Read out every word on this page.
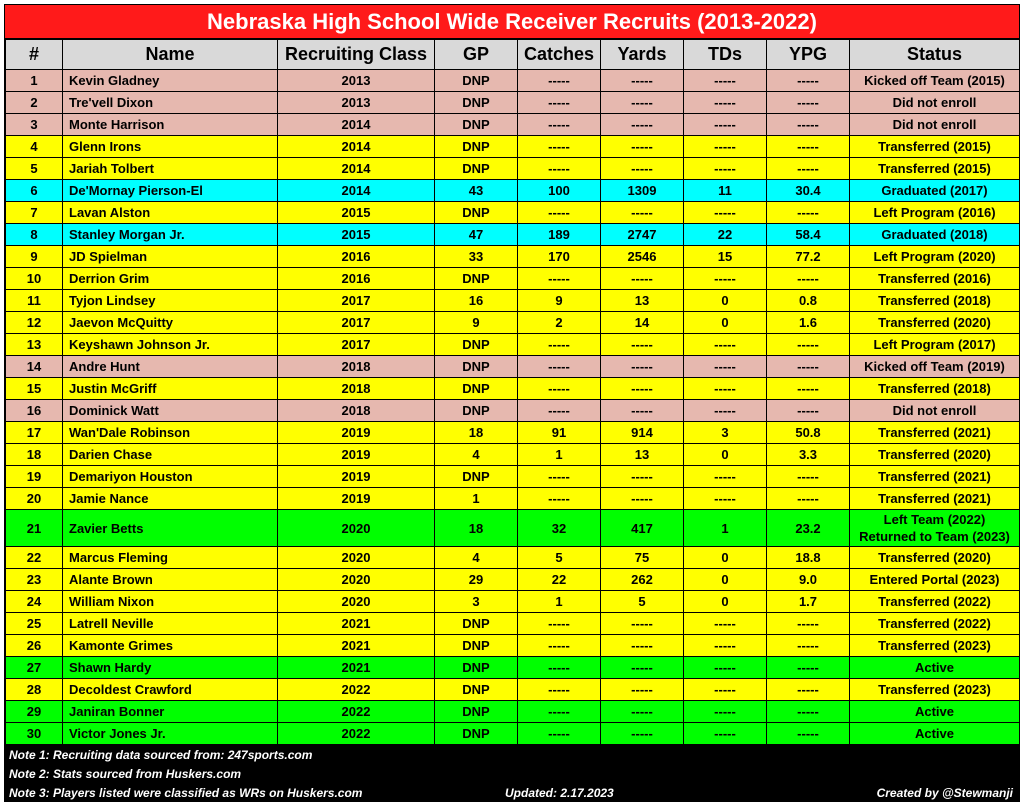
Nebraska High School Wide Receiver Recruits (2013-2022)
#	Name	Recruiting Class	GP	Catches	Yards	TDs	YPG	Status
1	Kevin Gladney	2013	DNP	-----	-----	-----	-----	Kicked off Team (2015)
2	Tre'vell Dixon	2013	DNP	-----	-----	-----	-----	Did not enroll
3	Monte Harrison	2014	DNP	-----	-----	-----	-----	Did not enroll
4	Glenn Irons	2014	DNP	-----	-----	-----	-----	Transferred (2015)
5	Jariah Tolbert	2014	DNP	-----	-----	-----	-----	Transferred (2015)
6	De'Mornay Pierson-El	2014	43	100	1309	11	30.4	Graduated (2017)
7	Lavan Alston	2015	DNP	-----	-----	-----	-----	Left Program (2016)
8	Stanley Morgan Jr.	2015	47	189	2747	22	58.4	Graduated (2018)
9	JD Spielman	2016	33	170	2546	15	77.2	Left Program (2020)
10	Derrion Grim	2016	DNP	-----	-----	-----	-----	Transferred (2016)
11	Tyjon Lindsey	2017	16	9	13	0	0.8	Transferred (2018)
12	Jaevon McQuitty	2017	9	2	14	0	1.6	Transferred (2020)
13	Keyshawn Johnson Jr.	2017	DNP	-----	-----	-----	-----	Left Program (2017)
14	Andre Hunt	2018	DNP	-----	-----	-----	-----	Kicked off Team (2019)
15	Justin McGriff	2018	DNP	-----	-----	-----	-----	Transferred (2018)
16	Dominick Watt	2018	DNP	-----	-----	-----	-----	Did not enroll
17	Wan'Dale Robinson	2019	18	91	914	3	50.8	Transferred (2021)
18	Darien Chase	2019	4	1	13	0	3.3	Transferred (2020)
19	Demariyon Houston	2019	DNP	-----	-----	-----	-----	Transferred (2021)
20	Jamie Nance	2019	1	-----	-----	-----	-----	Transferred (2021)
21	Zavier Betts	2020	18	32	417	1	23.2	Left Team (2022)
Returned to Team (2023)

22	Marcus Fleming	2020	4	5	75	0	18.8	Transferred (2020)
23	Alante Brown	2020	29	22	262	0	9.0	Entered Portal (2023)
24	William Nixon	2020	3	1	5	0	1.7	Transferred (2022)
25	Latrell Neville	2021	DNP	-----	-----	-----	-----	Transferred (2022)
26	Kamonte Grimes	2021	DNP	-----	-----	-----	-----	Transferred (2023)
27	Shawn Hardy	2021	DNP	-----	-----	-----	-----	Active
28	Decoldest Crawford	2022	DNP	-----	-----	-----	-----	Transferred (2023)
29	Janiran Bonner	2022	DNP	-----	-----	-----	-----	Active
30	Victor Jones Jr.	2022	DNP	-----	-----	-----	-----	Active
Note 1: Recruiting data sourced from: 247sports.com
Note 2: Stats sourced from Huskers.com
Note 3: Players listed were classified as WRs on Huskers.com	Updated: 2.17.2023	Created by @Stewmanji
